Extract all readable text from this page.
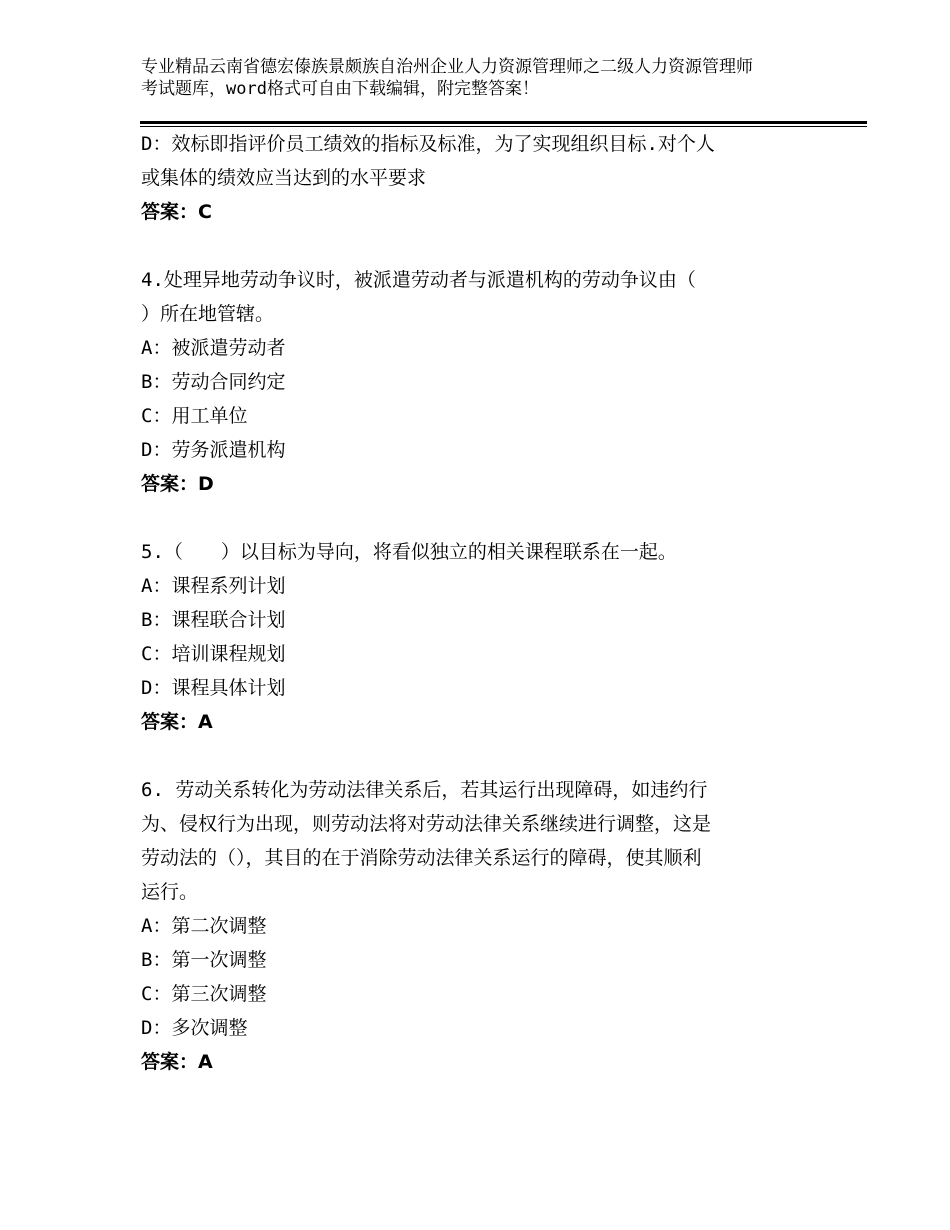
专业精品云南省德宏傣族景颇族自治州企业人力资源管理师之二级人力资源管理师
考试题库，word格式可自由下载编辑，附完整答案！
D：效标即指评价员工绩效的指标及标准，为了实现组织目标.对个人
或集体的绩效应当达到的水平要求
答案：C
4.处理异地劳动争议时，被派遣劳动者与派遣机构的劳动争议由（
）所在地管辖。
A：被派遣劳动者
B：劳动合同约定
C：用工单位
D：劳务派遣机构
答案：D
5.（　　）以目标为导向，将看似独立的相关课程联系在一起。
A：课程系列计划
B：课程联合计划
C：培训课程规划
D：课程具体计划
答案：A
6. 劳动关系转化为劳动法律关系后，若其运行出现障碍，如违约行
为、侵权行为出现，则劳动法将对劳动法律关系继续进行调整，这是
劳动法的（），其目的在于消除劳动法律关系运行的障碍，使其顺利
运行。
A：第二次调整
B：第一次调整
C：第三次调整
D：多次调整
答案：A
